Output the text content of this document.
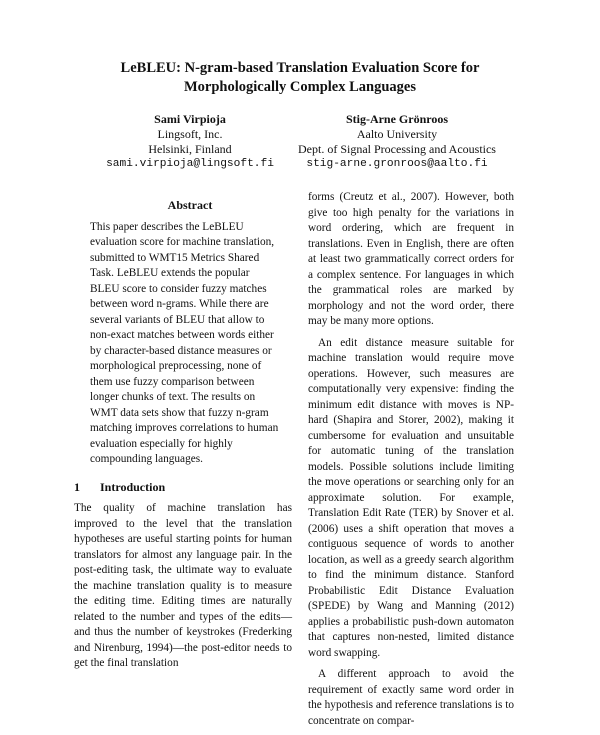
LeBLEU: N-gram-based Translation Evaluation Score for
Morphologically Complex Languages
Sami Virpioja
Lingsoft, Inc.
Helsinki, Finland
sami.virpioja@lingsoft.fi
Stig-Arne Grönroos
Aalto University
Dept. of Signal Processing and Acoustics
stig-arne.gronroos@aalto.fi
Abstract

This paper describes the LeBLEU evaluation score for machine translation, submitted to WMT15 Metrics Shared Task. LeBLEU extends the popular BLEU score to consider fuzzy matches between word n-grams. While there are several variants of BLEU that allow to non-exact matches between words either by character-based distance measures or morphological preprocessing, none of them use fuzzy comparison between longer chunks of text. The results on WMT data sets show that fuzzy n-gram matching improves correlations to human evaluation especially for highly compounding languages.

1 Introduction

The quality of machine translation has improved to the level that the translation hypotheses are useful starting points for human translators for almost any language pair. In the post-editing task, the ultimate way to evaluate the machine translation quality is to measure the editing time. Editing times are naturally related to the number and types of the edits—and thus the number of keystrokes (Frederking and Nirenburg, 1994)—the post-editor needs to get the final translation

forms (Creutz et al., 2007). However, both give too high penalty for the variations in word ordering, which are frequent in translations. Even in English, there are often at least two grammatically correct orders for a complex sentence. For languages in which the grammatical roles are marked by morphology and not the word order, there may be many more options.

An edit distance measure suitable for machine translation would require move operations. However, such measures are computationally very expensive: finding the minimum edit distance with moves is NP-hard (Shapira and Storer, 2002), making it cumbersome for evaluation and unsuitable for automatic tuning of the translation models. Possible solutions include limiting the move operations or searching only for an approximate solution. For example, Translation Edit Rate (TER) by Snover et al. (2006) uses a shift operation that moves a contiguous sequence of words to another location, as well as a greedy search algorithm to find the minimum distance. Stanford Probabilistic Edit Distance Evaluation (SPEDE) by Wang and Manning (2012) applies a probabilistic push-down automaton that captures non-nested, limited distance word swapping.

A different approach to avoid the requirement of exactly same word order in the hypothesis and reference translations is to concentrate on compar-
